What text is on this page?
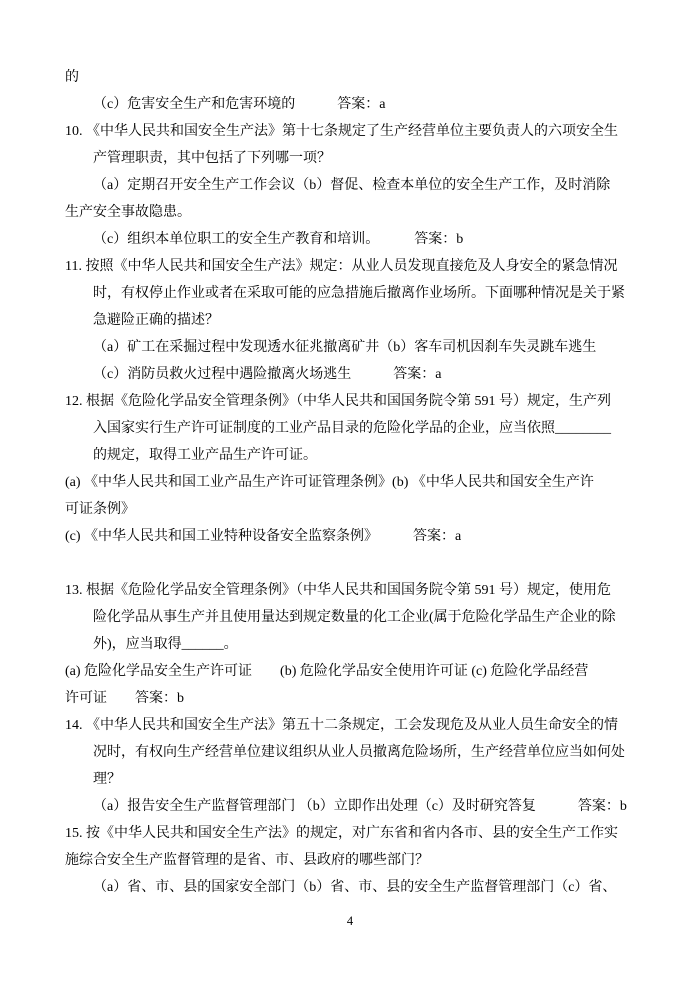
的
（c）危害安全生产和危害环境的　　　答案：a
10. 《中华人民共和国安全生产法》第十七条规定了生产经营单位主要负责人的六项安全生
产管理职责，其中包括了下列哪一项？
（a）定期召开安全生产工作会议（b）督促、检查本单位的安全生产工作，及时消除
生产安全事故隐患。
（c）组织本单位职工的安全生产教育和培训。　　　答案：b
11. 按照《中华人民共和国安全生产法》规定：从业人员发现直接危及人身安全的紧急情况
时，有权停止作业或者在采取可能的应急措施后撤离作业场所。下面哪种情况是关于紧
急避险正确的描述？
（a）矿工在采掘过程中发现透水征兆撤离矿井（b）客车司机因刹车失灵跳车逃生
（c）消防员救火过程中遇险撤离火场逃生　　　答案：a
12. 根据《危险化学品安全管理条例》（中华人民共和国国务院令第 591 号）规定，生产列
入国家实行生产许可证制度的工业产品目录的危险化学品的企业，应当依照________
的规定，取得工业产品生产许可证。
(a) 《中华人民共和国工业产品生产许可证管理条例》(b) 《中华人民共和国安全生产许
可证条例》
(c) 《中华人民共和国工业特种设备安全监察条例》　　　答案：a

13. 根据《危险化学品安全管理条例》（中华人民共和国国务院令第 591 号）规定，使用危
险化学品从事生产并且使用量达到规定数量的化工企业(属于危险化学品生产企业的除
外)，应当取得______。
(a) 危险化学品安全生产许可证　　(b) 危险化学品安全使用许可证 (c) 危险化学品经营
许可证　　答案：b
14. 《中华人民共和国安全生产法》第五十二条规定，工会发现危及从业人员生命安全的情
况时，有权向生产经营单位建议组织从业人员撤离危险场所，生产经营单位应当如何处
理？
（a）报告安全生产监督管理部门 （b）立即作出处理（c）及时研究答复　　　答案：b
15. 按《中华人民共和国安全生产法》的规定，对广东省和省内各市、县的安全生产工作实
施综合安全生产监督管理的是省、市、县政府的哪些部门？
（a）省、市、县的国家安全部门（b）省、市、县的安全生产监督管理部门（c）省、
4
